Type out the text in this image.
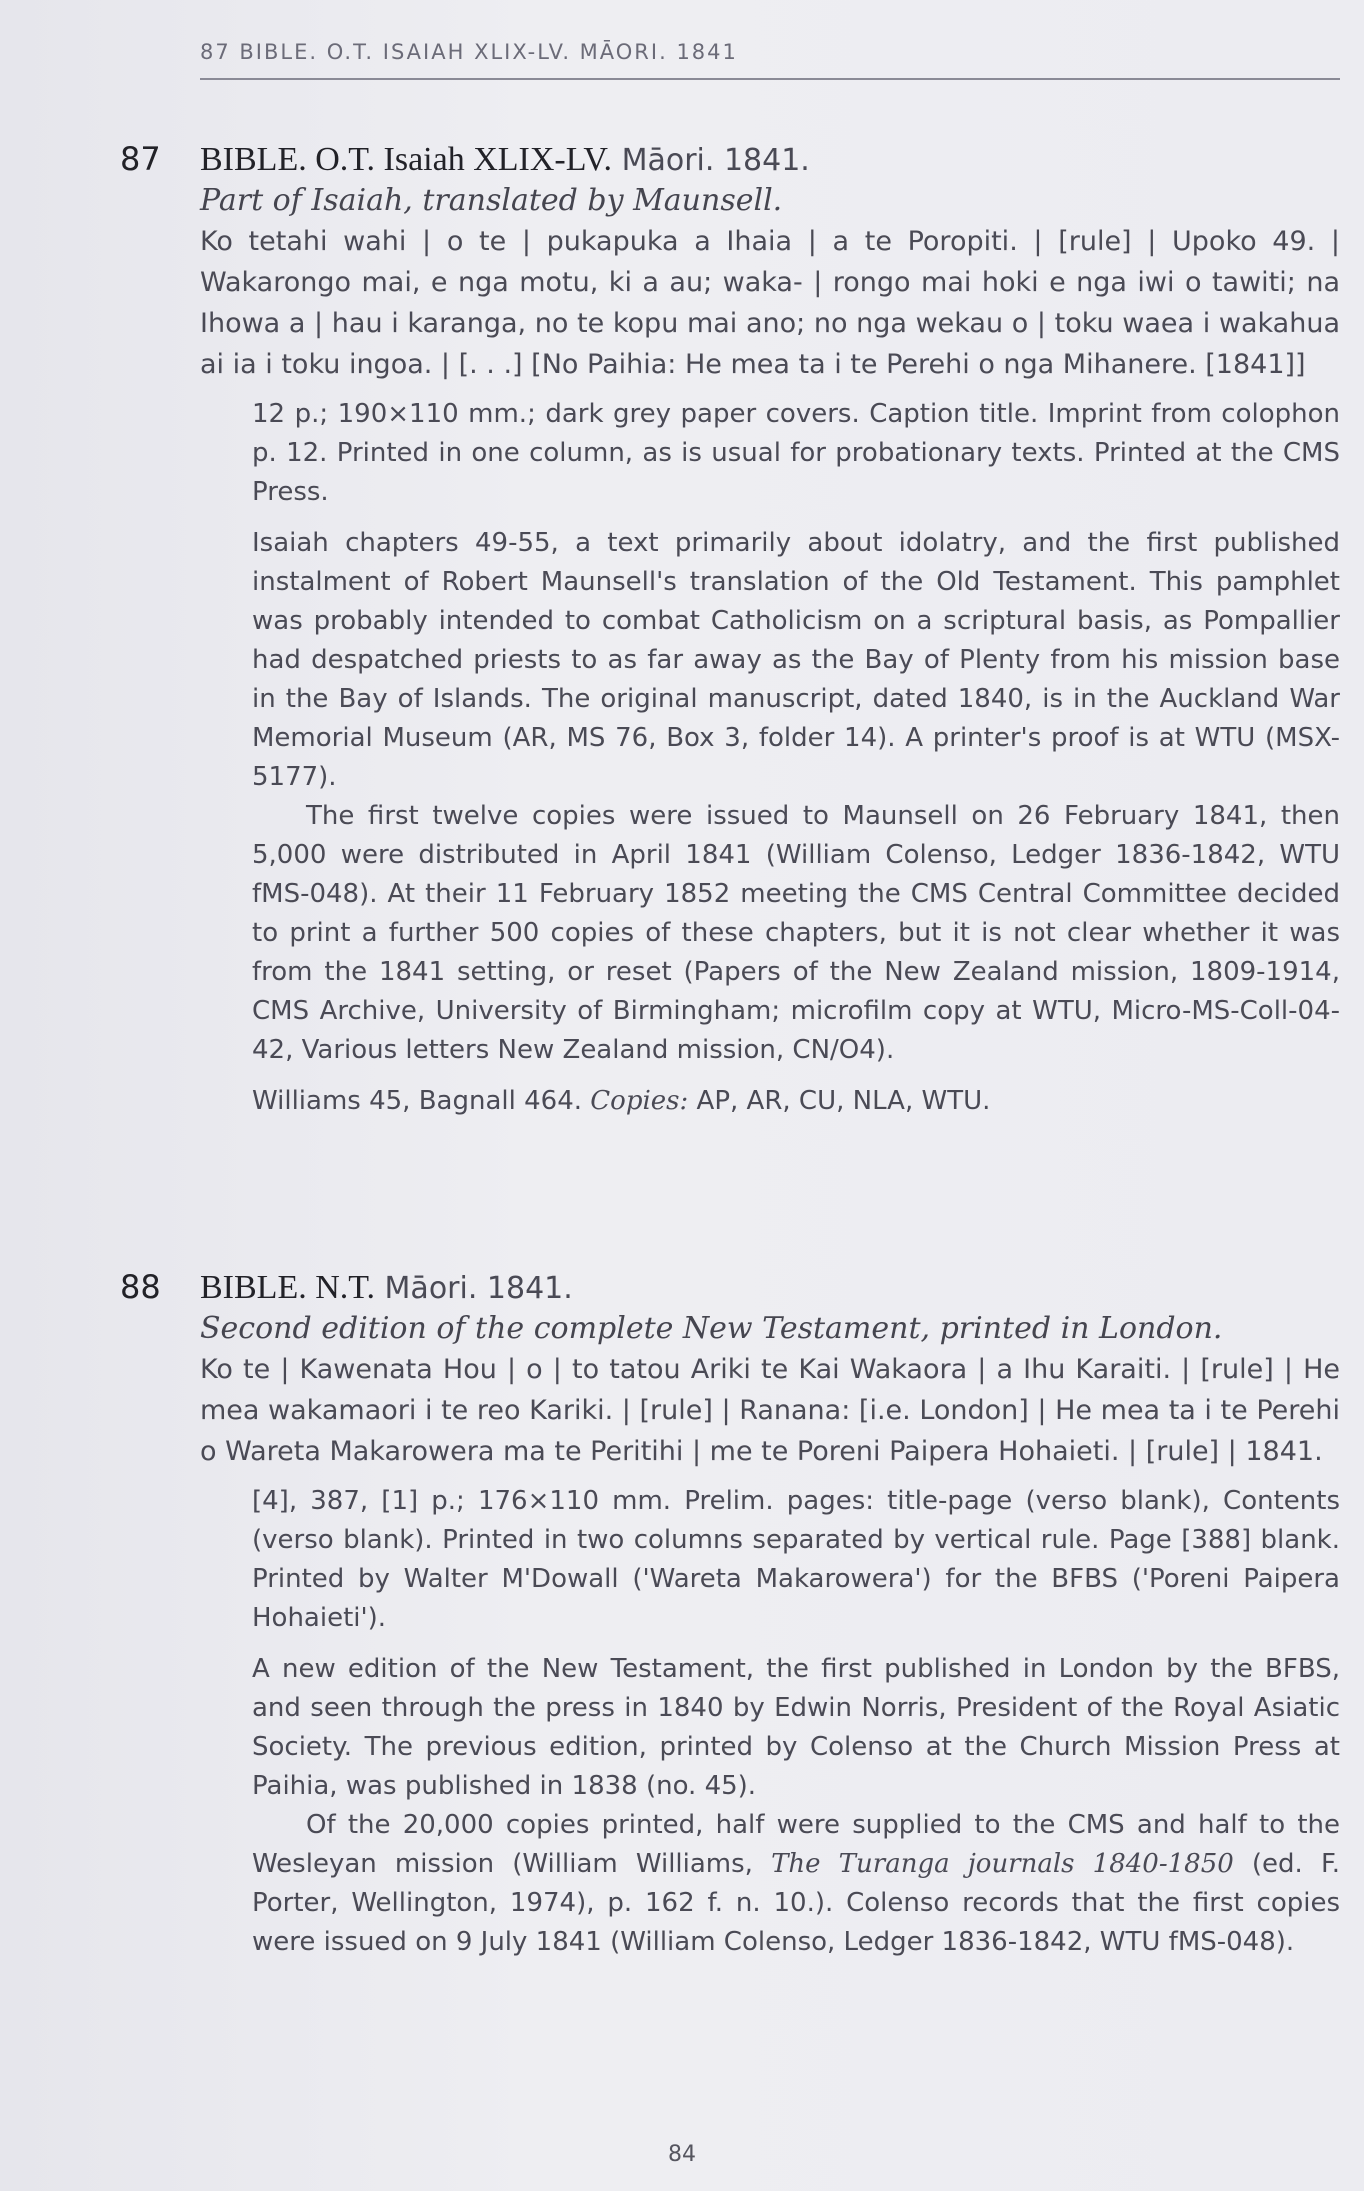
87 BIBLE. O.T. ISAIAH XLIX-LV. MĀORI. 1841
87	BIBLE. O.T. Isaiah XLIX-LV. Māori. 1841.
Part of Isaiah, translated by Maunsell.
Ko tetahi wahi | o te | pukapuka a Ihaia | a te Poropiti. | [rule] | Upoko 49. | Wakarongo mai, e nga motu, ki a au; waka- | rongo mai hoki e nga iwi o tawiti; na Ihowa a | hau i karanga, no te kopu mai ano; no nga wekau o | toku waea i wakahua ai ia i toku ingoa. | [. . .] [No Paihia: He mea ta i te Perehi o nga Mihanere. [1841]]

12 p.; 190×110 mm.; dark grey paper covers. Caption title. Imprint from colophon p. 12. Printed in one column, as is usual for probationary texts. Printed at the CMS Press.

Isaiah chapters 49-55, a text primarily about idolatry, and the first published instalment of Robert Maunsell's translation of the Old Testament. This pamphlet was probably intended to combat Catholicism on a scriptural basis, as Pompallier had despatched priests to as far away as the Bay of Plenty from his mission base in the Bay of Islands. The original manuscript, dated 1840, is in the Auckland War Memorial Museum (AR, MS 76, Box 3, folder 14). A printer's proof is at WTU (MSX-5177).

The first twelve copies were issued to Maunsell on 26 February 1841, then 5,000 were distributed in April 1841 (William Colenso, Ledger 1836-1842, WTU fMS-048). At their 11 February 1852 meeting the CMS Central Committee decided to print a further 500 copies of these chapters, but it is not clear whether it was from the 1841 setting, or reset (Papers of the New Zealand mission, 1809-1914, CMS Archive, University of Birmingham; microfilm copy at WTU, Micro-MS-Coll-04-42, Various letters New Zealand mission, CN/O4).

Williams 45, Bagnall 464. Copies: AP, AR, CU, NLA, WTU.

88	BIBLE. N.T. Māori. 1841.
Second edition of the complete New Testament, printed in London.
Ko te | Kawenata Hou | o | to tatou Ariki te Kai Wakaora | a Ihu Karaiti. | [rule] | He mea wakamaori i te reo Kariki. | [rule] | Ranana: [i.e. London] | He mea ta i te Perehi o Wareta Makarowera ma te Peritihi | me te Poreni Paipera Hohaieti. | [rule] | 1841.

[4], 387, [1] p.; 176×110 mm. Prelim. pages: title-page (verso blank), Contents (verso blank). Printed in two columns separated by vertical rule. Page [388] blank. Printed by Walter M'Dowall ('Wareta Makarowera') for the BFBS ('Poreni Paipera Hohaieti').

A new edition of the New Testament, the first published in London by the BFBS, and seen through the press in 1840 by Edwin Norris, President of the Royal Asiatic Society. The previous edition, printed by Colenso at the Church Mission Press at Paihia, was published in 1838 (no. 45).

Of the 20,000 copies printed, half were supplied to the CMS and half to the Wesleyan mission (William Williams, The Turanga journals 1840-1850 (ed. F. Porter, Wellington, 1974), p. 162 f. n. 10.). Colenso records that the first copies were issued on 9 July 1841 (William Colenso, Ledger 1836-1842, WTU fMS-048).

84
